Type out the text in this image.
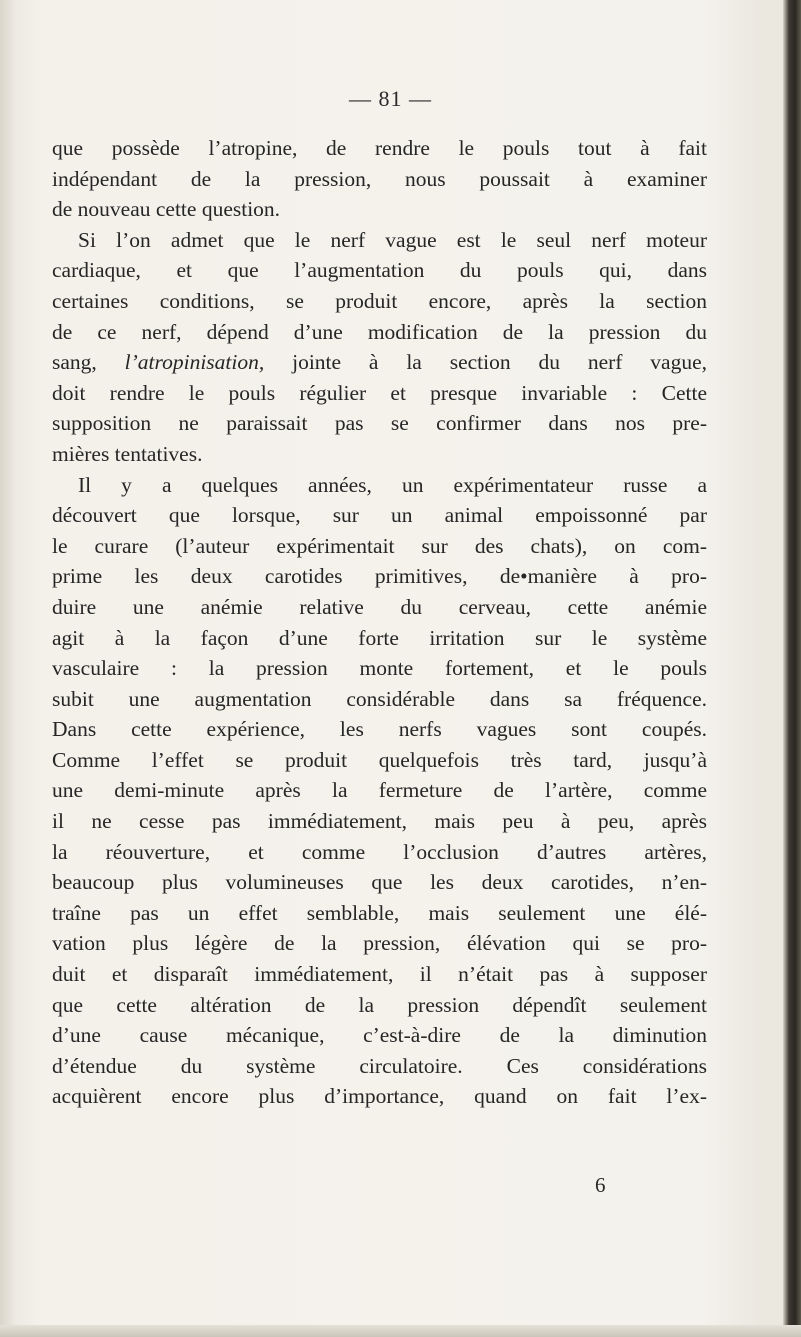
— 81 —
que possède l’atropine, de rendre le pouls tout à fait
indépendant de la pression, nous poussait à examiner
de nouveau cette question.
Si l’on admet que le nerf vague est le seul nerf moteur
cardiaque, et que l’augmentation du pouls qui, dans
certaines conditions, se produit encore, après la section
de ce nerf, dépend d’une modification de la pression du
sang, l’atropinisation, jointe à la section du nerf vague,
doit rendre le pouls régulier et presque invariable : Cette
supposition ne paraissait pas se confirmer dans nos pre-
mières tentatives.
Il y a quelques années, un expérimentateur russe a
découvert que lorsque, sur un animal empoissonné par
le curare (l’auteur expérimentait sur des chats), on com-
prime les deux carotides primitives, de•manière à pro-
duire une anémie relative du cerveau, cette anémie
agit à la façon d’une forte irritation sur le système
vasculaire : la pression monte fortement, et le pouls
subit une augmentation considérable dans sa fréquence.
Dans cette expérience, les nerfs vagues sont coupés.
Comme l’effet se produit quelquefois très tard, jusqu’à
une demi-minute après la fermeture de l’artère, comme
il ne cesse pas immédiatement, mais peu à peu, après
la réouverture, et comme l’occlusion d’autres artères,
beaucoup plus volumineuses que les deux carotides, n’en-
traîne pas un effet semblable, mais seulement une élé-
vation plus légère de la pression, élévation qui se pro-
duit et disparaît immédiatement, il n’était pas à supposer
que cette altération de la pression dépendît seulement
d’une cause mécanique, c’est-à-dire de la diminution
d’étendue du système circulatoire. Ces considérations
acquièrent encore plus d’importance, quand on fait l’ex-
6
